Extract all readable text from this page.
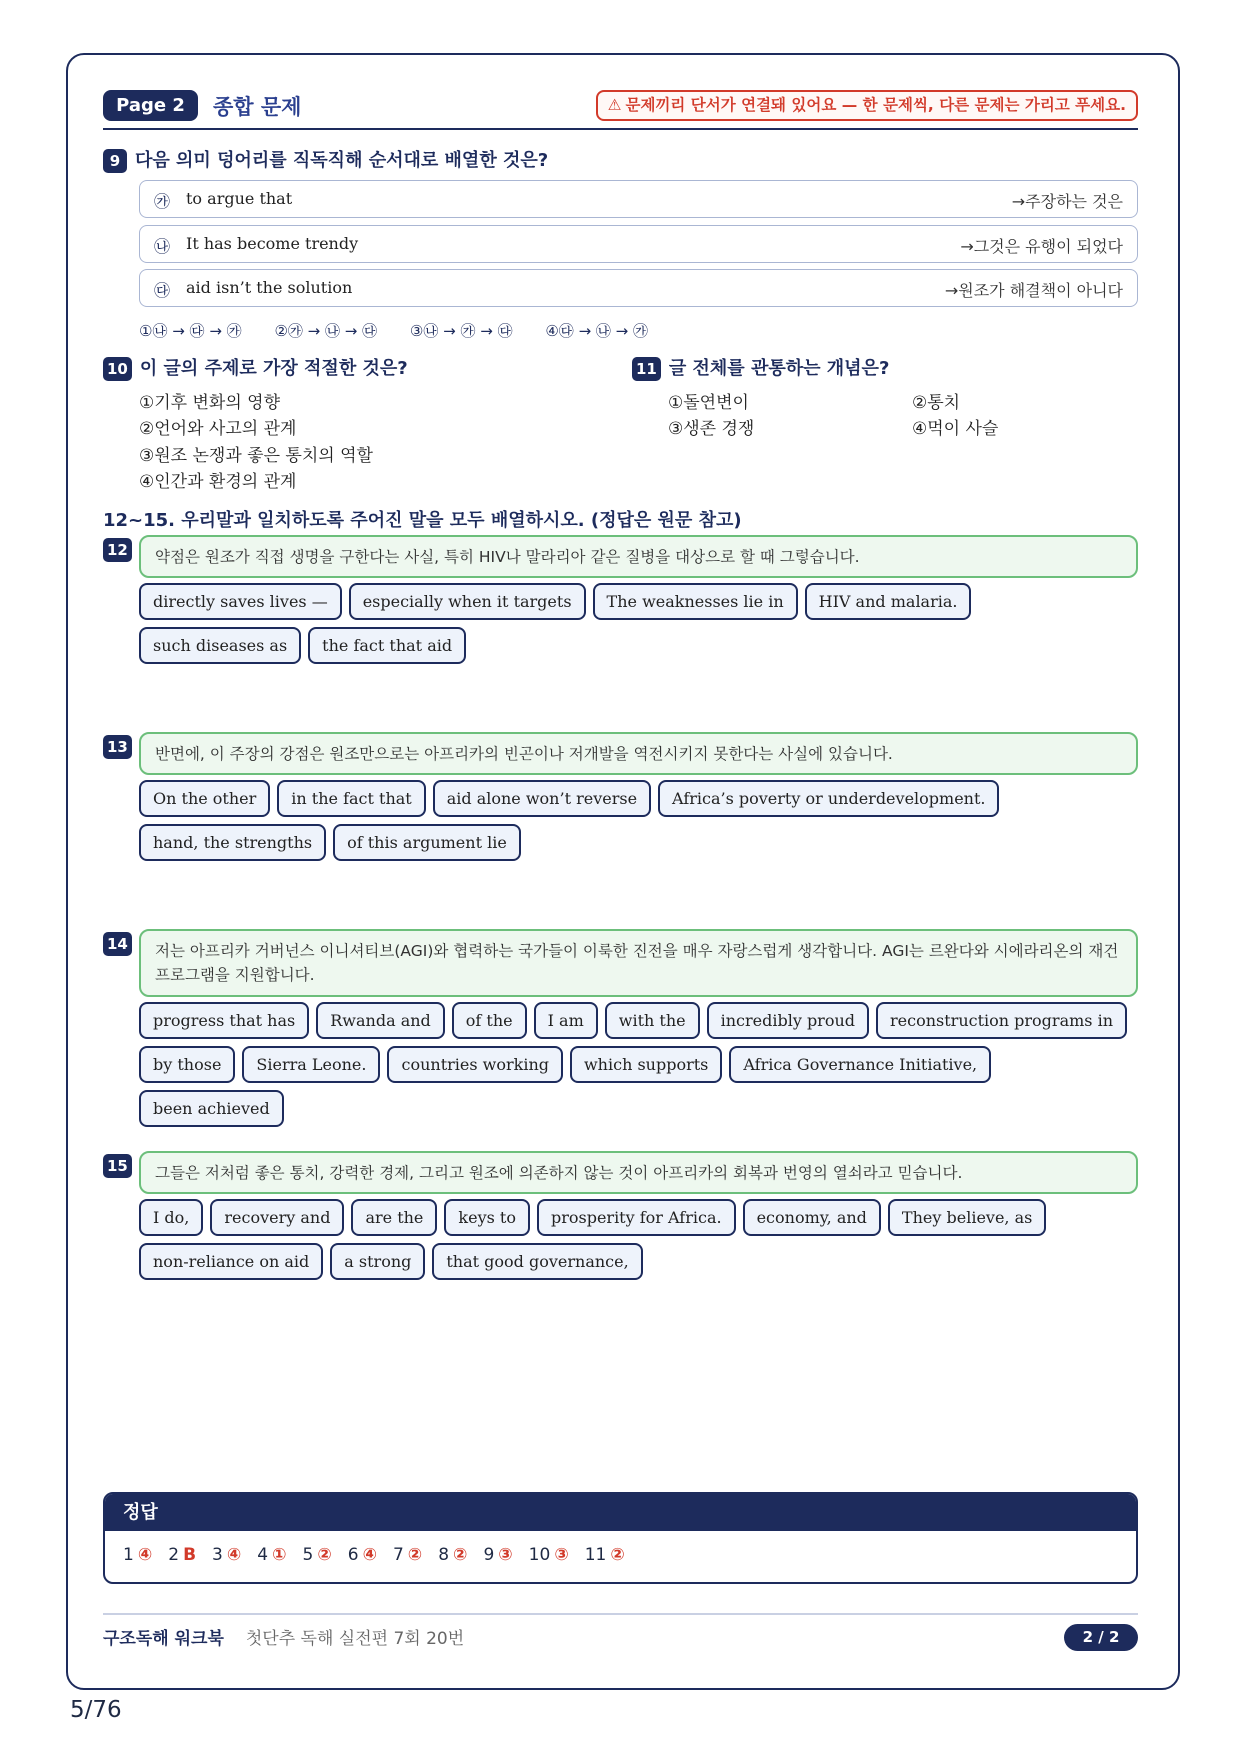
Page 2	종합 문제	⚠ 문제끼리 단서가 연결돼 있어요 — 한 문제씩, 다른 문제는 가리고 푸세요.
9 다음 의미 덩어리를 직독직해 순서대로 배열한 것은?
㉮ to argue that	→주장하는 것은
㉯ It has become trendy	→그것은 유행이 되었다
㉰ aid isn’t the solution	→원조가 해결책이 아니다
①㉯ → ㉰ → ㉮ ②㉮ → ㉯ → ㉰ ③㉯ → ㉮ → ㉰ ④㉰ → ㉯ → ㉮
10 이 글의 주제로 가장 적절한 것은?
①기후 변화의 영향
②언어와 사고의 관계
③원조 논쟁과 좋은 통치의 역할
④인간과 환경의 관계
11 글 전체를 관통하는 개념은?
①돌연변이	②통치
③생존 경쟁	④먹이 사슬
12~15. 우리말과 일치하도록 주어진 말을 모두 배열하시오. (정답은 원문 참고)
12	약점은 원조가 직접 생명을 구한다는 사실, 특히 HIV나 말라리아 같은 질병을 대상으로 할 때 그렇습니다.
directly saves lives —	especially when it targets	The weaknesses lie in	HIV and malaria.
such diseases as	the fact that aid
13	반면에, 이 주장의 강점은 원조만으로는 아프리카의 빈곤이나 저개발을 역전시키지 못한다는 사실에 있습니다.
On the other	in the fact that	aid alone won’t reverse	Africa’s poverty or underdevelopment.
hand, the strengths	of this argument lie
14	저는 아프리카 거버넌스 이니셔티브(AGI)와 협력하는 국가들이 이룩한 진전을 매우 자랑스럽게 생각합니다. AGI는 르완다와 시에라리온의 재건 프로그램을 지원합니다.
progress that has	Rwanda and	of the	I am	with the	incredibly proud	reconstruction programs in
by those	Sierra Leone.	countries working	which supports	Africa Governance Initiative,
been achieved
15	그들은 저처럼 좋은 통치, 강력한 경제, 그리고 원조에 의존하지 않는 것이 아프리카의 회복과 번영의 열쇠라고 믿습니다.
I do,	recovery and	are the	keys to	prosperity for Africa.	economy, and	They believe, as
non-reliance on aid	a strong	that good governance,
정답
1 ④ 2 B 3 ④ 4 ① 5 ② 6 ④ 7 ② 8 ② 9 ③ 10 ③ 11 ②
구조독해 워크북 첫단추 독해 실전편 7회 20번	2 / 2
5/76
